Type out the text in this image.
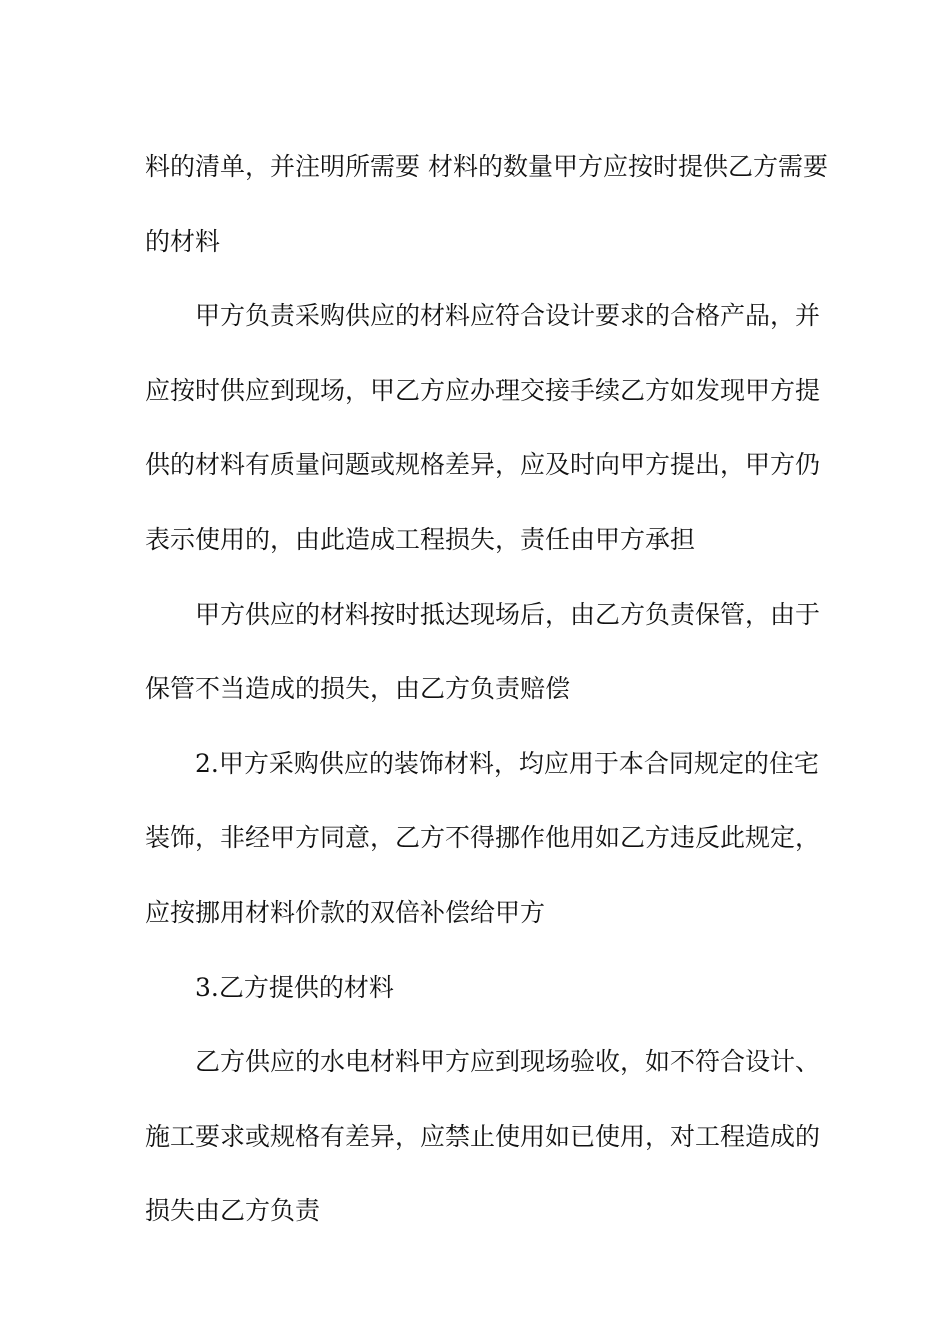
料的清单，并注明所需要 材料的数量甲方应按时提供乙方需要
的材料
甲方负责采购供应的材料应符合设计要求的合格产品，并
应按时供应到现场，甲乙方应办理交接手续乙方如发现甲方提
供的材料有质量问题或规格差异，应及时向甲方提出，甲方仍
表示使用的，由此造成工程损失，责任由甲方承担
甲方供应的材料按时抵达现场后，由乙方负责保管，由于
保管不当造成的损失，由乙方负责赔偿
2.甲方采购供应的装饰材料，均应用于本合同规定的住宅
装饰，非经甲方同意，乙方不得挪作他用如乙方违反此规定，
应按挪用材料价款的双倍补偿给甲方
3.乙方提供的材料
乙方供应的水电材料甲方应到现场验收，如不符合设计、
施工要求或规格有差异，应禁止使用如已使用，对工程造成的
损失由乙方负责
